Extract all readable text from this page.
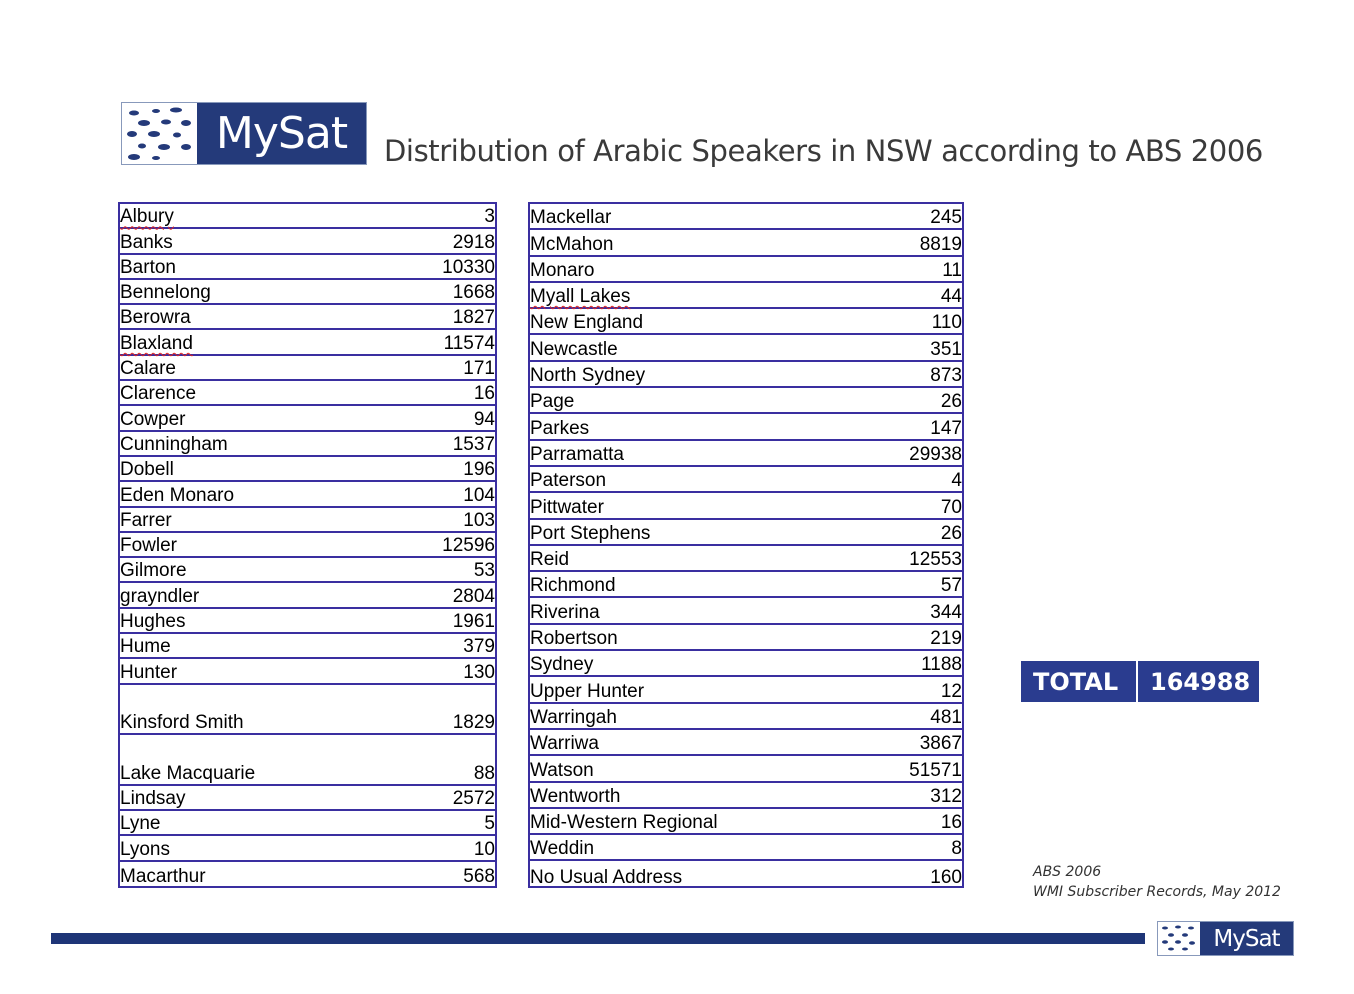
MySat	Distribution of Arabic Speakers in NSW according to ABS 2006
Albury	3
Banks	2918
Barton	10330
Bennelong	1668
Berowra	1827
Blaxland	11574
Calare	171
Clarence	16
Cowper	94
Cunningham	1537
Dobell	196
Eden Monaro	104
Farrer	103
Fowler	12596
Gilmore	53
grayndler	2804
Hughes	1961
Hume	379
Hunter	130
Kinsford Smith	1829
Lake Macquarie	88
Lindsay	2572
Lyne	5
Lyons	10
Macarthur	568
Mackellar	245
McMahon	8819
Monaro	11
Myall Lakes	44
New England	110
Newcastle	351
North Sydney	873
Page	26
Parkes	147
Parramatta	29938
Paterson	4
Pittwater	70
Port Stephens	26
Reid	12553
Richmond	57
Riverina	344
Robertson	219
Sydney	1188
Upper Hunter	12
Warringah	481
Warriwa	3867
Watson	51571
Wentworth	312
Mid-Western Regional	16
Weddin	8
No Usual Address	160
TOTAL	164988
ABS 2006
WMI Subscriber Records, May 2012
MySat
